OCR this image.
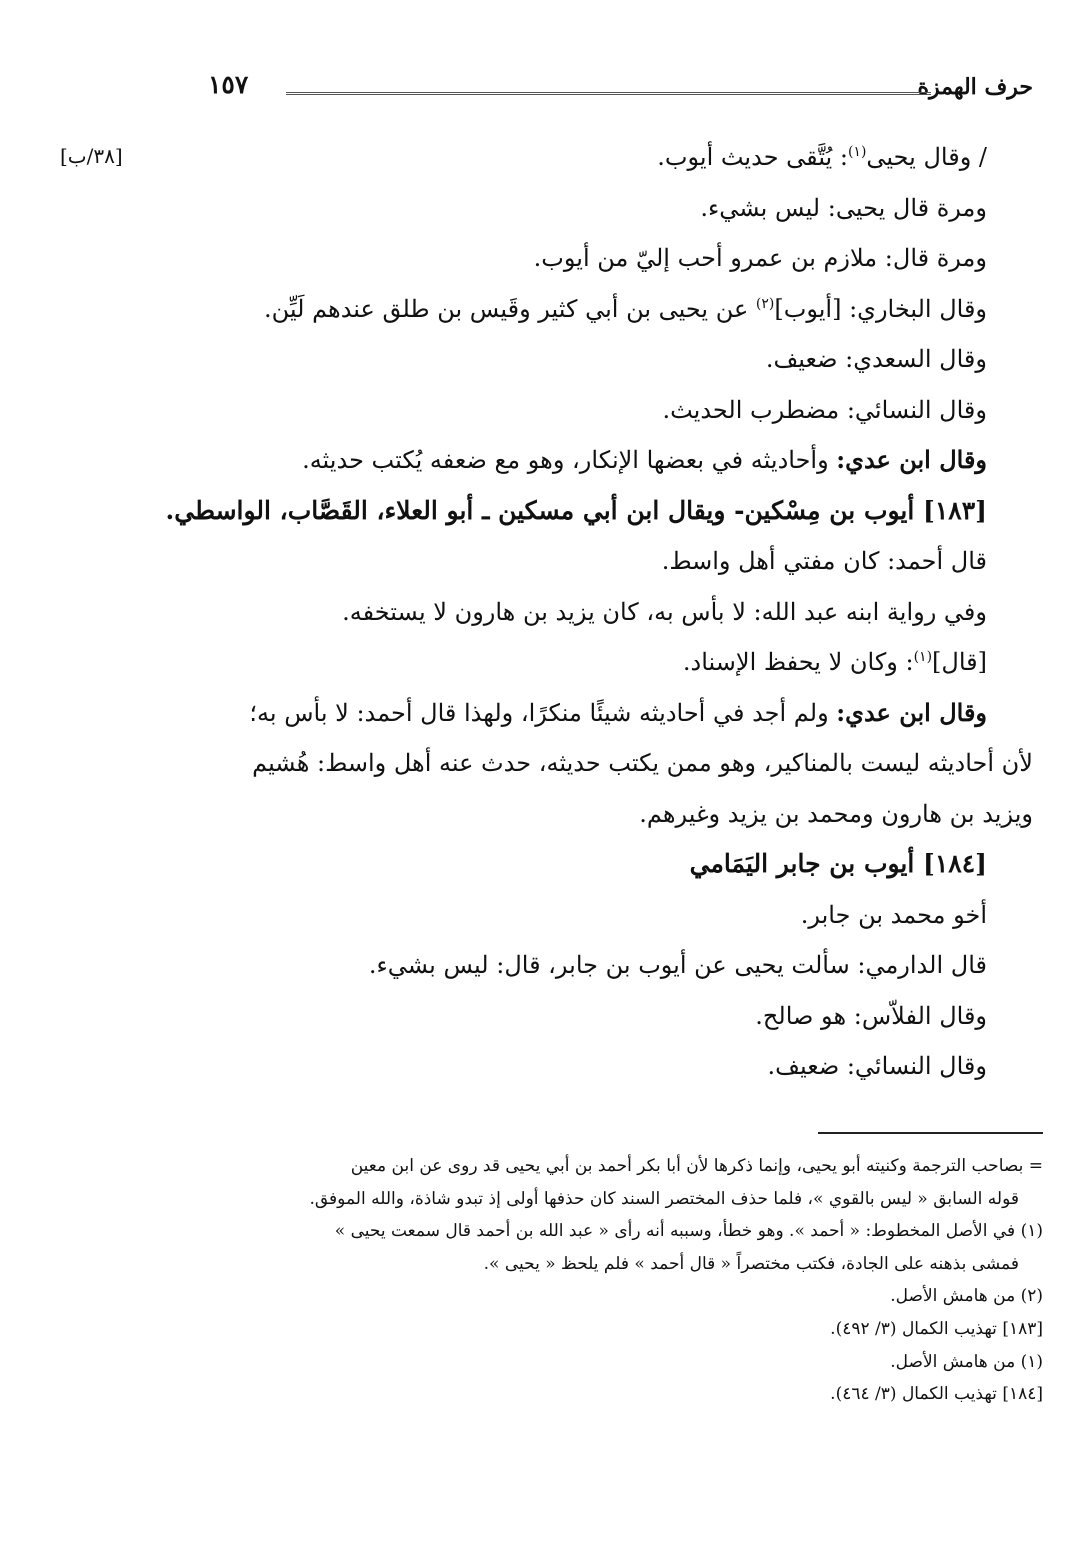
حرف الهمزة
١٥٧
[٣٨/ب]	/ وقال يحيى$^{(١)}$: يُتَّقى حديث أيوب.
ومرة قال يحيى: ليس بشيء.
ومرة قال: ملازم بن عمرو أحب إليّ من أيوب.
وقال البخاري: [أيوب]$^{(٢)}$ عن يحيى بن أبي كثير وقَيس بن طلق عندهم لَيِّن.
وقال السعدي: ضعيف.
وقال النسائي: مضطرب الحديث.
وقال ابن عدي: وأحاديثه في بعضها الإنكار، وهو مع ضعفه يُكتب حديثه.
[١٨٣] أيوب بن مِسْكين- ويقال ابن أبي مسكين ـ أبو العلاء، القَصَّاب، الواسطي.
قال أحمد: كان مفتي أهل واسط.
وفي رواية ابنه عبد الله: لا بأس به، كان يزيد بن هارون لا يستخفه.
[قال]$^{(١)}$: وكان لا يحفظ الإسناد.
وقال ابن عدي: ولم أجد في أحاديثه شيئًا منكرًا، ولهذا قال أحمد: لا بأس به؛
لأن أحاديثه ليست بالمناكير، وهو ممن يكتب حديثه، حدث عنه أهل واسط: هُشيم
ويزيد بن هارون ومحمد بن يزيد وغيرهم.
[١٨٤] أيوب بن جابر اليَمَامي
أخو محمد بن جابر.
قال الدارمي: سألت يحيى عن أيوب بن جابر، قال: ليس بشيء.
وقال الفلاّس: هو صالح.
وقال النسائي: ضعيف.
= بصاحب الترجمة وكنيته أبو يحيى، وإنما ذكرها لأن أبا بكر أحمد بن أبي يحيى قد روى عن ابن معين
قوله السابق « ليس بالقوي »، فلما حذف المختصر السند كان حذفها أولى إذ تبدو شاذة، والله الموفق.
(١) في الأصل المخطوط: « أحمد ». وهو خطأ، وسببه أنه رأى « عبد الله بن أحمد قال سمعت يحيى »
فمشى بذهنه على الجادة، فكتب مختصراً « قال أحمد » فلم يلحظ « يحيى ».
(٢) من هامش الأصل.
[١٨٣] تهذيب الكمال (٣/ ٤٩٢).
(١) من هامش الأصل.
[١٨٤] تهذيب الكمال (٣/ ٤٦٤).
